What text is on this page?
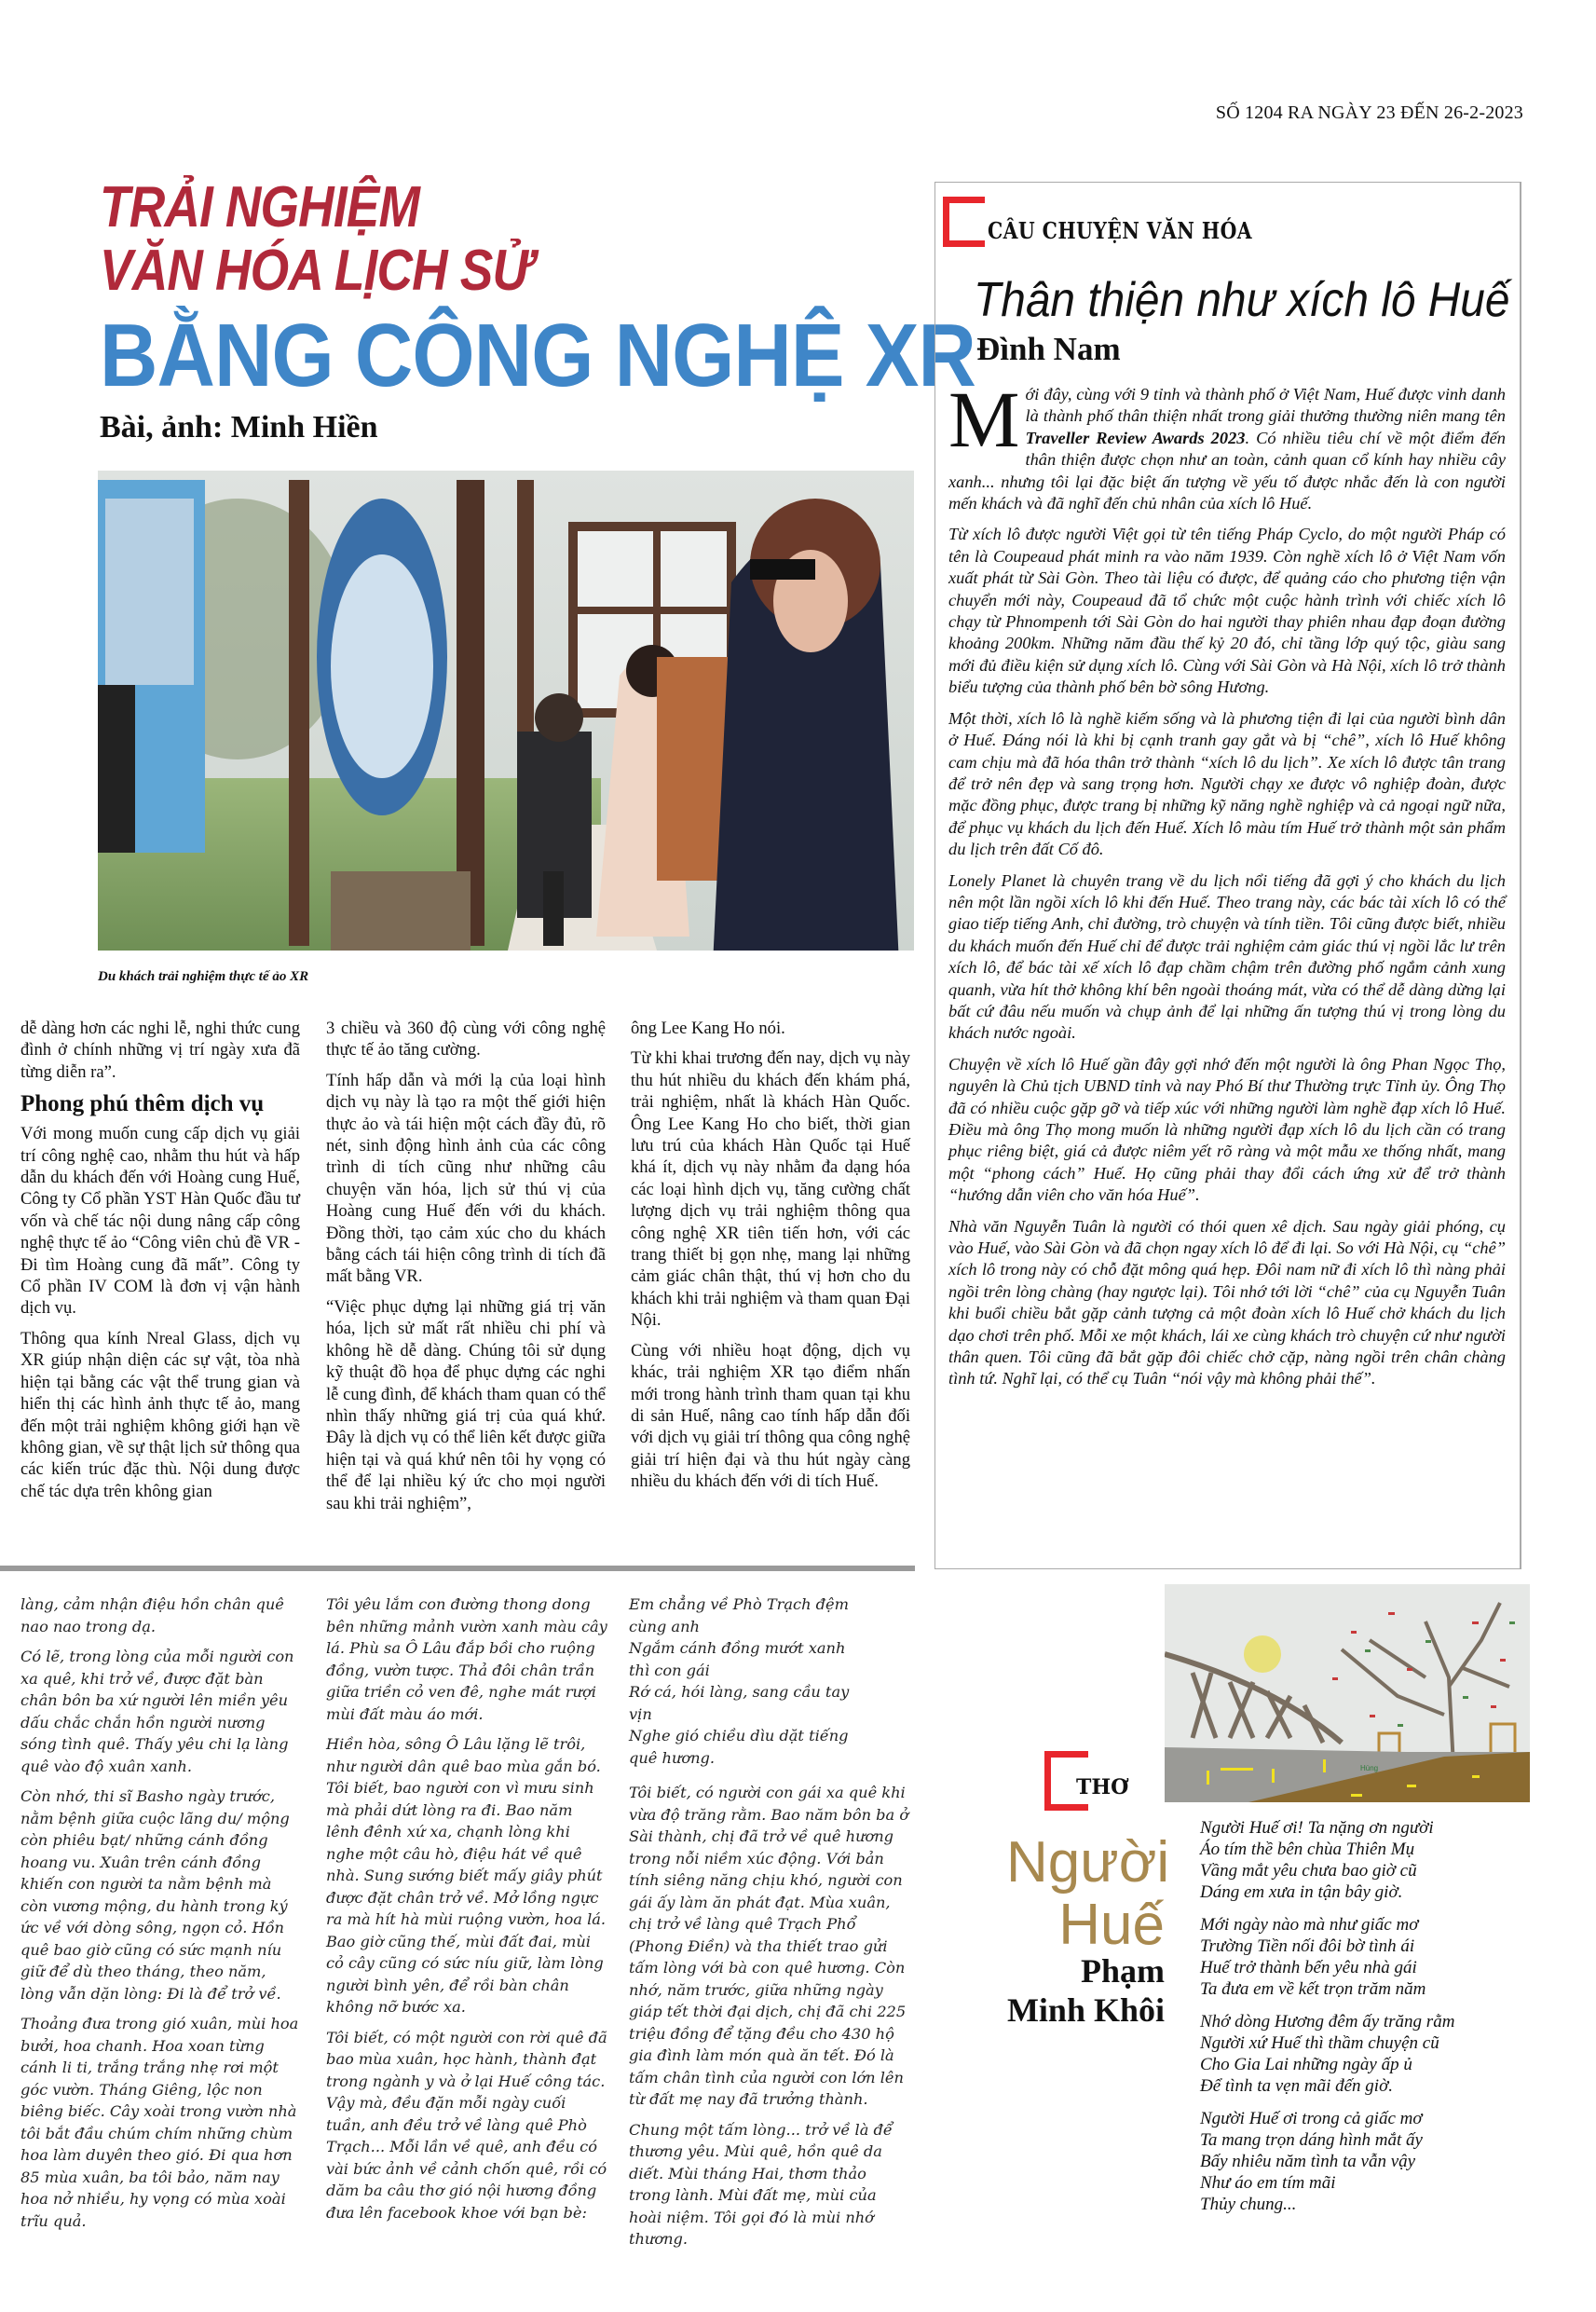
SỐ 1204 RA NGÀY 23 ĐẾN 26-2-2023
TRẢI NGHIỆM
VĂN HÓA LỊCH SỬ
BẰNG CÔNG NGHỆ XR
Bài, ảnh: Minh Hiền
Du khách trải nghiệm thực tế ảo XR

dễ dàng hơn các nghi lễ, nghi thức cung đình ở chính những vị trí ngày xưa đã từng diễn ra”.

Phong phú thêm dịch vụ

Với mong muốn cung cấp dịch vụ giải trí công nghệ cao, nhằm thu hút và hấp dẫn du khách đến với Hoàng cung Huế, Công ty Cổ phần YST Hàn Quốc đầu tư vốn và chế tác nội dung nâng cấp công nghệ thực tế ảo “Công viên chủ đề VR - Đi tìm Hoàng cung đã mất”. Công ty Cổ phần IV COM là đơn vị vận hành dịch vụ.

Thông qua kính Nreal Glass, dịch vụ XR giúp nhận diện các sự vật, tòa nhà hiện tại bằng các vật thể trung gian và hiển thị các hình ảnh thực tế ảo, mang đến một trải nghiệm không giới hạn về không gian, về sự thật lịch sử thông qua các kiến trúc đặc thù. Nội dung được chế tác dựa trên không gian

3 chiều và 360 độ cùng với công nghệ thực tế ảo tăng cường.

Tính hấp dẫn và mới lạ của loại hình dịch vụ này là tạo ra một thế giới hiện thực ảo và tái hiện một cách đầy đủ, rõ nét, sinh động hình ảnh của các công trình di tích cũng như những câu chuyện văn hóa, lịch sử thú vị của Hoàng cung Huế đến với du khách. Đồng thời, tạo cảm xúc cho du khách bằng cách tái hiện công trình di tích đã mất bằng VR.

“Việc phục dựng lại những giá trị văn hóa, lịch sử mất rất nhiều chi phí và không hề dễ dàng. Chúng tôi sử dụng kỹ thuật đồ họa để phục dựng các nghi lễ cung đình, để khách tham quan có thể nhìn thấy những giá trị của quá khứ. Đây là dịch vụ có thể liên kết được giữa hiện tại và quá khứ nên tôi hy vọng có thể để lại nhiều ký ức cho mọi người sau khi trải nghiệm”,

ông Lee Kang Ho nói.

Từ khi khai trương đến nay, dịch vụ này thu hút nhiều du khách đến khám phá, trải nghiệm, nhất là khách Hàn Quốc. Ông Lee Kang Ho cho biết, thời gian lưu trú của khách Hàn Quốc tại Huế khá ít, dịch vụ này nhằm đa dạng hóa các loại hình dịch vụ, tăng cường chất lượng dịch vụ trải nghiệm thông qua công nghệ XR tiên tiến hơn, với các trang thiết bị gọn nhẹ, mang lại những cảm giác chân thật, thú vị hơn cho du khách khi trải nghiệm và tham quan Đại Nội.

Cùng với nhiều hoạt động, dịch vụ khác, trải nghiệm XR tạo điểm nhấn mới trong hành trình tham quan tại khu di sản Huế, nâng cao tính hấp dẫn đối với dịch vụ giải trí thông qua công nghệ giải trí hiện đại và thu hút ngày càng nhiều du khách đến với di tích Huế.

CÂU CHUYỆN VĂN HÓA
Thân thiện như xích lô Huế
Đình Nam

Mới đây, cùng với 9 tỉnh và thành phố ở Việt Nam, Huế được vinh danh là thành phố thân thiện nhất trong giải thưởng thường niên mang tên Traveller Review Awards 2023. Có nhiều tiêu chí về một điểm đến thân thiện được chọn như an toàn, cảnh quan cổ kính hay nhiều cây xanh... nhưng tôi lại đặc biệt ấn tượng về yếu tố được nhắc đến là con người mến khách và đã nghĩ đến chủ nhân của xích lô Huế.

Từ xích lô được người Việt gọi từ tên tiếng Pháp Cyclo, do một người Pháp có tên là Coupeaud phát minh ra vào năm 1939. Còn nghề xích lô ở Việt Nam vốn xuất phát từ Sài Gòn. Theo tài liệu có được, để quảng cáo cho phương tiện vận chuyển mới này, Coupeaud đã tổ chức một cuộc hành trình với chiếc xích lô chạy từ Phnompenh tới Sài Gòn do hai người thay phiên nhau đạp đoạn đường khoảng 200km. Những năm đầu thế kỷ 20 đó, chỉ tầng lớp quý tộc, giàu sang mới đủ điều kiện sử dụng xích lô. Cùng với Sài Gòn và Hà Nội, xích lô trở thành biểu tượng của thành phố bên bờ sông Hương.

Một thời, xích lô là nghề kiếm sống và là phương tiện đi lại của người bình dân ở Huế. Đáng nói là khi bị cạnh tranh gay gắt và bị “chê”, xích lô Huế không cam chịu mà đã hóa thân trở thành “xích lô du lịch”. Xe xích lô được tân trang để trở nên đẹp và sang trọng hơn. Người chạy xe được vô nghiệp đoàn, được mặc đồng phục, được trang bị những kỹ năng nghề nghiệp và cả ngoại ngữ nữa, để phục vụ khách du lịch đến Huế. Xích lô màu tím Huế trở thành một sản phẩm du lịch trên đất Cố đô.

Lonely Planet là chuyên trang về du lịch nổi tiếng đã gợi ý cho khách du lịch nên một lần ngồi xích lô khi đến Huế. Theo trang này, các bác tài xích lô có thể giao tiếp tiếng Anh, chỉ đường, trò chuyện và tính tiền. Tôi cũng được biết, nhiều du khách muốn đến Huế chỉ để được trải nghiệm cảm giác thú vị ngồi lắc lư trên xích lô, để bác tài xế xích lô đạp chầm chậm trên đường phố ngắm cảnh xung quanh, vừa hít thở không khí bên ngoài thoáng mát, vừa có thể dễ dàng dừng lại bất cứ đâu nếu muốn và chụp ảnh để lại những ấn tượng thú vị trong lòng du khách nước ngoài.

Chuyện về xích lô Huế gần đây gợi nhớ đến một người là ông Phan Ngọc Thọ, nguyên là Chủ tịch UBND tỉnh và nay Phó Bí thư Thường trực Tỉnh ủy. Ông Thọ đã có nhiều cuộc gặp gỡ và tiếp xúc với những người làm nghề đạp xích lô Huế. Điều mà ông Thọ mong muốn là những người đạp xích lô du lịch cần có trang phục riêng biệt, giá cả được niêm yết rõ ràng và một mẫu xe thống nhất, mang một “phong cách” Huế. Họ cũng phải thay đổi cách ứng xử để trở thành “hướng dẫn viên cho văn hóa Huế”.

Nhà văn Nguyễn Tuân là người có thói quen xê dịch. Sau ngày giải phóng, cụ vào Huế, vào Sài Gòn và đã chọn ngay xích lô để đi lại. So với Hà Nội, cụ “chê” xích lô trong này có chỗ đặt mông quá hẹp. Đôi nam nữ đi xích lô thì nàng phải ngồi trên lòng chàng (hay ngược lại). Tôi nhớ tới lời “chê” của cụ Nguyễn Tuân khi buổi chiều bắt gặp cảnh tượng cả một đoàn xích lô Huế chở khách du lịch dạo chơi trên phố. Mỗi xe một khách, lái xe cùng khách trò chuyện cứ như người thân quen. Tôi cũng đã bắt gặp đôi chiếc chở cặp, nàng ngồi trên chân chàng tình tứ. Nghĩ lại, có thể cụ Tuân “nói vậy mà không phải thế”.

làng, cảm nhận điệu hồn chân quê nao nao trong dạ.

Có lẽ, trong lòng của mỗi người con xa quê, khi trở về, được đặt bàn chân bôn ba xứ người lên miền yêu dấu chắc chắn hồn người nương sóng tình quê. Thấy yêu chi lạ làng quê vào độ xuân xanh.

Còn nhớ, thi sĩ Basho ngày trước, nằm bệnh giữa cuộc lãng du/ mộng còn phiêu bạt/ những cánh đồng hoang vu. Xuân trên cánh đồng khiến con người ta nằm bệnh mà còn vương mộng, du hành trong ký ức về với dòng sông, ngọn cỏ. Hồn quê bao giờ cũng có sức mạnh níu giữ để dù theo tháng, theo năm, lòng vẫn dặn lòng: Đi là để trở về.

Thoảng đưa trong gió xuân, mùi hoa bưởi, hoa chanh. Hoa xoan từng cánh li ti, trắng trắng nhẹ rơi một góc vườn. Tháng Giêng, lộc non biêng biếc. Cây xoài trong vườn nhà tôi bắt đầu chúm chím những chùm hoa làm duyên theo gió. Đi qua hơn 85 mùa xuân, ba tôi bảo, năm nay hoa nở nhiều, hy vọng có mùa xoài trĩu quả.

Tôi yêu lắm con đường thong dong bên những mảnh vườn xanh màu cây lá. Phù sa Ô Lâu đắp bồi cho ruộng đồng, vườn tược. Thả đôi chân trần giữa triền cỏ ven đê, nghe mát rượi mùi đất màu áo mới.

Hiền hòa, sông Ô Lâu lặng lẽ trôi, như người dân quê bao mùa gắn bó. Tôi biết, bao người con vì mưu sinh mà phải dứt lòng ra đi. Bao năm lênh đênh xứ xa, chạnh lòng khi nghe một câu hò, điệu hát về quê nhà. Sung sướng biết mấy giây phút được đặt chân trở về. Mở lồng ngực ra mà hít hà mùi ruộng vườn, hoa lá. Bao giờ cũng thế, mùi đất đai, mùi cỏ cây cũng có sức níu giữ, làm lòng người bình yên, để rồi bàn chân không nỡ bước xa.

Tôi biết, có một người con rời quê đã bao mùa xuân, học hành, thành đạt trong ngành y và ở lại Huế công tác. Vậy mà, đều đặn mỗi ngày cuối tuần, anh đều trở về làng quê Phò Trạch... Mỗi lần về quê, anh đều có vài bức ảnh về cảnh chốn quê, rồi có dăm ba câu thơ gió nội hương đồng đưa lên facebook khoe với bạn bè:

Em chẳng về Phò Trạch đệm cùng anh
Ngắm cánh đồng mướt xanh thì con gái
Rớ cá, hói làng, sang cầu tay vịn
Nghe gió chiều dìu dặt tiếng quê hương.

Tôi biết, có người con gái xa quê khi vừa độ trăng rằm. Bao năm bôn ba ở Sài thành, chị đã trở về quê hương trong nỗi niềm xúc động. Với bản tính siêng năng chịu khó, người con gái ấy làm ăn phát đạt. Mùa xuân, chị trở về làng quê Trạch Phổ (Phong Điền) và tha thiết trao gửi tấm lòng với bà con quê hương. Còn nhớ, năm trước, giữa những ngày giáp tết thời đại dịch, chị đã chi 225 triệu đồng để tặng đều cho 430 hộ gia đình làm món quà ăn tết. Đó là tấm chân tình của người con lớn lên từ đất mẹ nay đã trưởng thành.

Chung một tấm lòng... trở về là để thương yêu. Mùi quê, hồn quê da diết. Mùi tháng Hai, thơm thảo trong lành. Mùi đất mẹ, mùi của hoài niệm. Tôi gọi đó là mùi nhớ thương.

Hùng
THƠ
Người
Huế
Phạm
Minh Khôi
Người Huế ơi! Ta nặng ơn người
Áo tím thề bên chùa Thiên Mụ
Vầng mắt yêu chưa bao giờ cũ
Dáng em xưa in tận bây giờ.
Mới ngày nào mà như giấc mơ
Trường Tiền nối đôi bờ tình ái
Huế trở thành bến yêu nhà gái
Ta đưa em về kết trọn trăm năm
Nhớ dòng Hương đêm ấy trăng rằm
Người xứ Huế thì thầm chuyện cũ
Cho Gia Lai những ngày ấp ủ
Để tình ta vẹn mãi đến giờ.
Người Huế ơi trong cả giấc mơ
Ta mang trọn dáng hình mắt ấy
Bấy nhiêu năm tình ta vẫn vậy
Như áo em tím mãi
Thủy chung...
